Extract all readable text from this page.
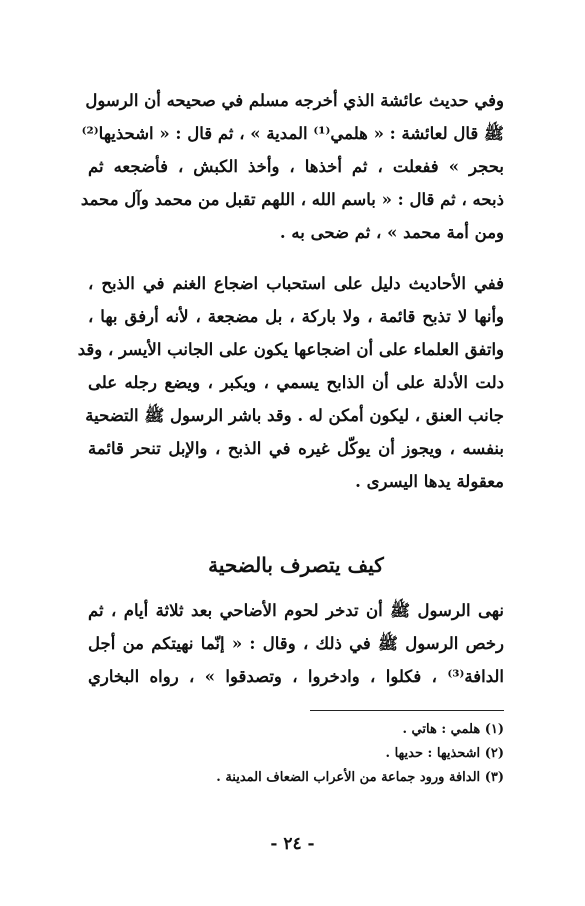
وفي حديث عائشة الذي أخرجه مسلم في صحيحه أن الرسول
ﷺ قال لعائشة : « هلمي⁽¹⁾ المدية » ، ثم قال : « اشحذيها⁽²⁾
بحجر » ففعلت ، ثم أخذها ، وأخذ الكبش ، فأضجعه ثم
ذبحه ، ثم قال : « باسم الله ، اللهم تقبل من محمد وآل محمد
ومن أمة محمد » ، ثم ضحى به .
ففي الأحاديث دليل على استحباب اضجاع الغنم في الذبح ،
وأنها لا تذبح قائمة ، ولا باركة ، بل مضجعة ، لأنه أرفق بها ،
واتفق العلماء على أن اضجاعها يكون على الجانب الأيسر ، وقد
دلت الأدلة على أن الذابح يسمي ، ويكبر ، ويضع رجله على
جانب العنق ، ليكون أمكن له . وقد باشر الرسول ﷺ التضحية
بنفسه ، ويجوز أن يوكّل غيره في الذبح ، والإبل تنحر قائمة
معقولة يدها اليسرى .
كيف يتصرف بالضحية
نهى الرسول ﷺ أن تدخر لحوم الأضاحي بعد ثلاثة أيام ، ثم
رخص الرسول ﷺ في ذلك ، وقال : « إنّما نهيتكم من أجل
الدافة⁽³⁾ ، فكلوا ، وادخروا ، وتصدقوا » ، رواه البخاري
(١) هلمي : هاتي .
(٢) اشحذيها : حديها .
(٣) الدافة ورود جماعة من الأعراب الضعاف المدينة .
- ٢٤ -
